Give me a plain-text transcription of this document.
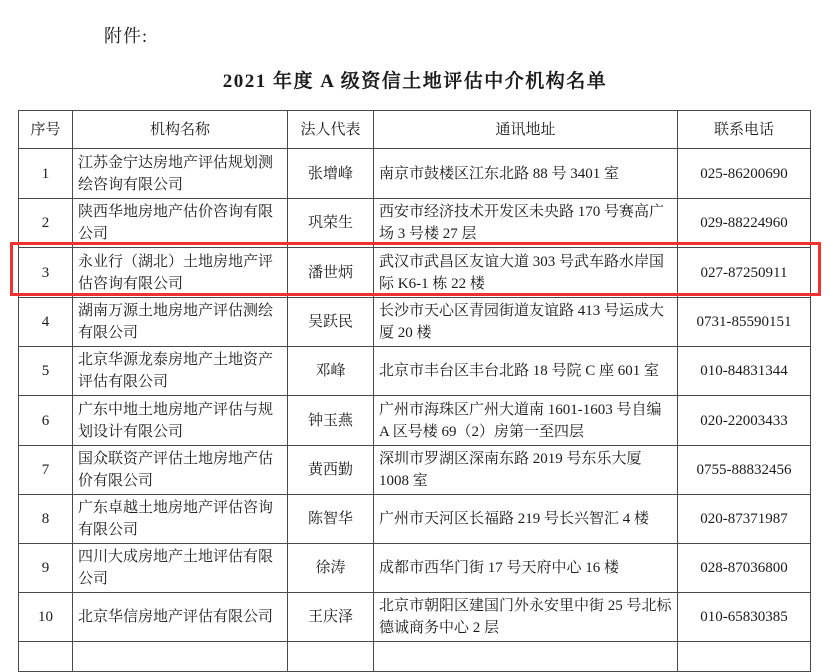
附件:
2021 年度 A 级资信土地评估中介机构名单
序号	机构名称	法人代表	通讯地址	联系电话
1	江苏金宁达房地产评估规划测绘咨询有限公司	张增峰	南京市鼓楼区江东北路 88 号 3401 室	025-86200690
2	陕西华地房地产估价咨询有限公司	巩荣生	西安市经济技术开发区未央路 170 号赛高广场 3 号楼 27 层	029-88224960
3	永业行（湖北）土地房地产评估咨询有限公司	潘世炳	武汉市武昌区友谊大道 303 号武车路水岸国际 K6-1 栋 22 楼	027-87250911
4	湖南万源土地房地产评估测绘有限公司	吴跃民	长沙市天心区青园街道友谊路 413 号运成大厦 20 楼	0731-85590151
5	北京华源龙泰房地产土地资产评估有限公司	邓峰	北京市丰台区丰台北路 18 号院 C 座 601 室	010-84831344
6	广东中地土地房地产评估与规划设计有限公司	钟玉燕	广州市海珠区广州大道南 1601-1603 号自编 A 区号楼 69（2）房第一至四层	020-22003433
7	国众联资产评估土地房地产估价有限公司	黄西勤	深圳市罗湖区深南东路 2019 号东乐大厦 1008 室	0755-88832456
8	广东卓越土地房地产评估咨询有限公司	陈智华	广州市天河区长福路 219 号长兴智汇 4 楼	020-87371987
9	四川大成房地产土地评估有限公司	徐涛	成都市西华门街 17 号天府中心 16 楼	028-87036800
10	北京华信房地产评估有限公司	王庆泽	北京市朝阳区建国门外永安里中街 25 号北标德诚商务中心 2 层	010-65830385
